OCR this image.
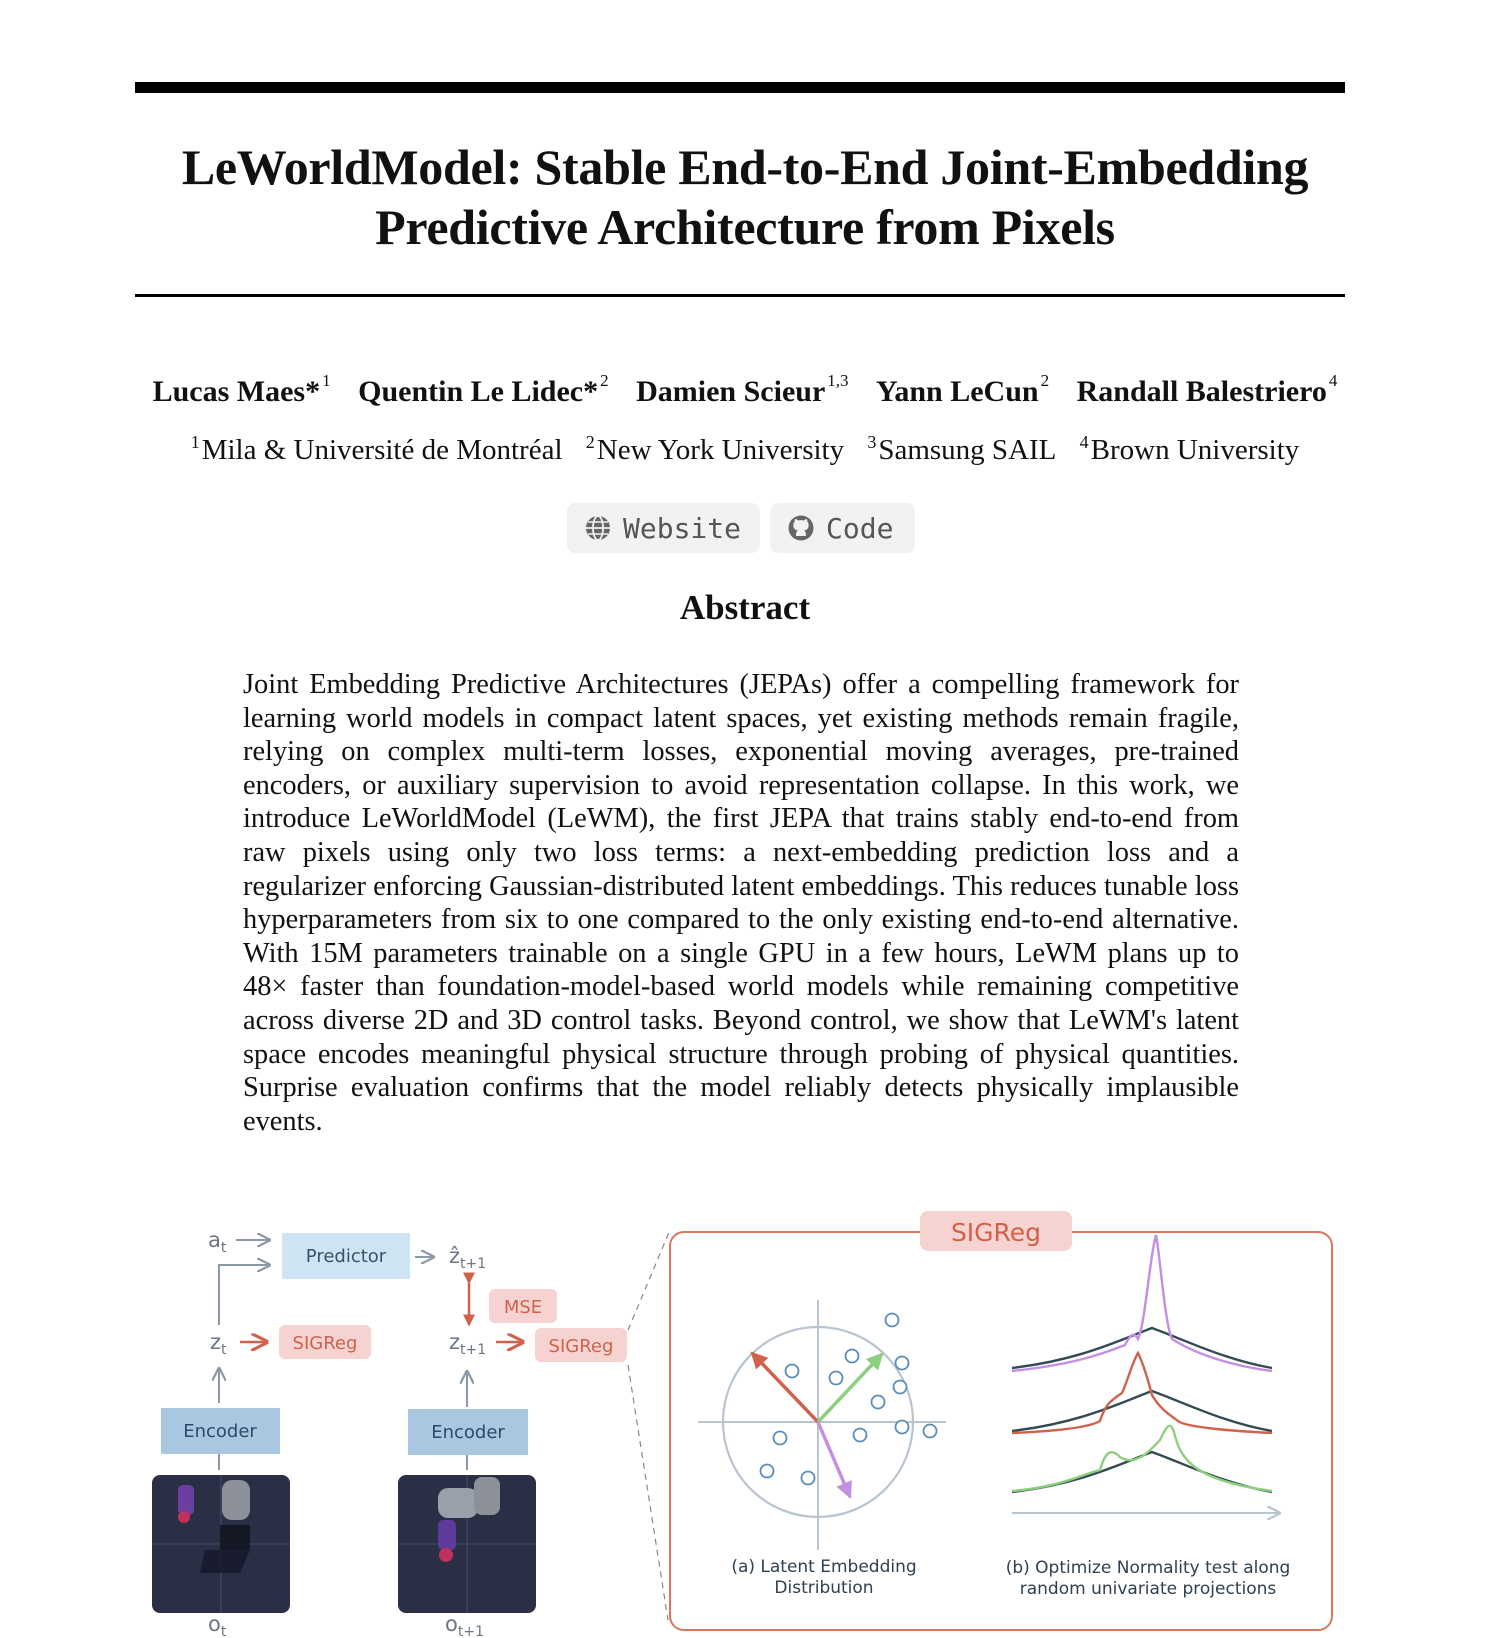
LeWorldModel: Stable End-to-End Joint-Embedding
Predictive Architecture from Pixels
Lucas Maes* $^1$ Quentin Le Lidec* $^2$ Damien Scieur $^{1,3}$ Yann LeCun $^2$ Randall Balestriero $^4$
$^1$Mila & Université de Montréal $^2$New York University $^3$Samsung SAIL $^4$Brown University
Website	Code
Abstract
Joint Embedding Predictive Architectures (JEPAs) offer a compelling framework for learning world models in compact latent spaces, yet existing methods remain fragile, relying on complex multi-term losses, exponential moving averages, pre-trained encoders, or auxiliary supervision to avoid representation collapse. In this work, we introduce LeWorldModel (LeWM), the first JEPA that trains stably end-to-end from raw pixels using only two loss terms: a next-embedding prediction loss and a regularizer enforcing Gaussian-distributed latent embeddings. This reduces tunable loss hyperparameters from six to one compared to the only existing end-to-end alternative. With 15M parameters trainable on a single GPU in a few hours, LeWM plans up to 48× faster than foundation-model-based world models while remaining competitive across diverse 2D and 3D control tasks. Beyond control, we show that LeWM's latent space encodes meaningful physical structure through probing of physical quantities. Surprise evaluation confirms that the model reliably detects physically implausible events.
$a_t$	Predictor	ẑ$_{t+1}$
MSE
$z_t$	SIGReg	$z_{t+1}$	SIGReg
Encoder	Encoder
$o_t$	$o_{t+1}$
SIGReg
(a) Latent Embedding
Distribution
(b) Optimize Normality test along
random univariate projections
